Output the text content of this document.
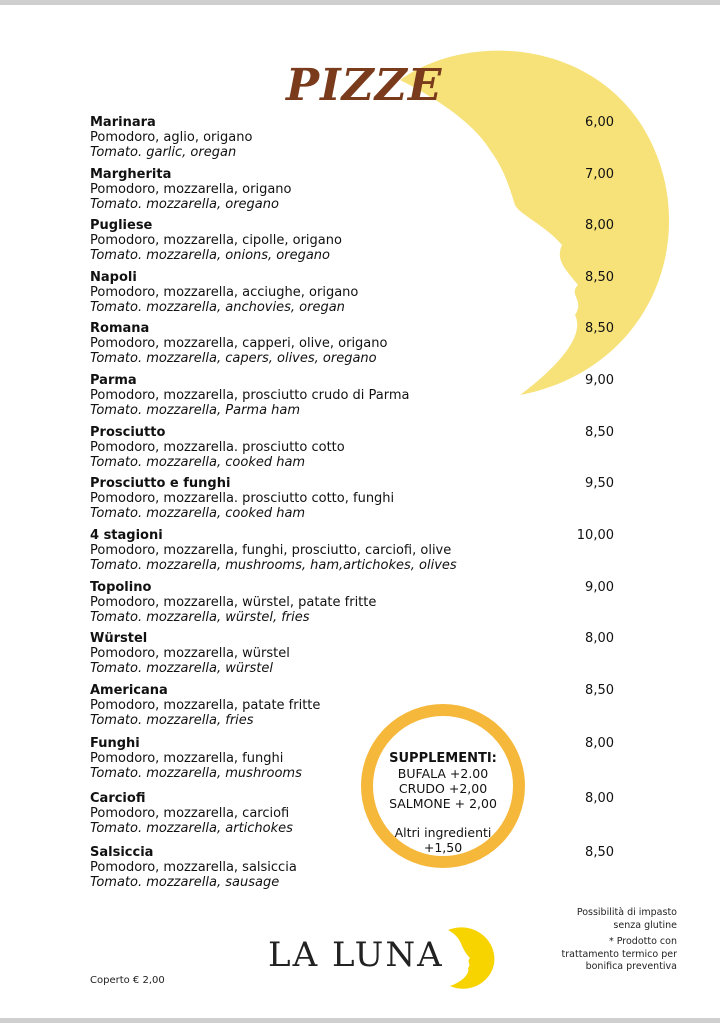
PIZZE
Marinara
Pomodoro, aglio, origano
Tomato. garlic, oregan
6,00
Margherita
Pomodoro, mozzarella, origano
Tomato. mozzarella, oregano
7,00
Pugliese
Pomodoro, mozzarella, cipolle, origano
Tomato. mozzarella, onions, oregano
8,00
Napoli
Pomodoro, mozzarella, acciughe, origano
Tomato. mozzarella, anchovies, oregan
8,50
Romana
Pomodoro, mozzarella, capperi, olive, origano
Tomato. mozzarella, capers, olives, oregano
8,50
Parma
Pomodoro, mozzarella, prosciutto crudo di Parma
Tomato. mozzarella, Parma ham
9,00
Prosciutto
Pomodoro, mozzarella. prosciutto cotto
Tomato. mozzarella, cooked ham
8,50
Prosciutto e funghi
Pomodoro, mozzarella. prosciutto cotto, funghi
Tomato. mozzarella, cooked ham
9,50
4 stagioni
Pomodoro, mozzarella, funghi, prosciutto, carciofi, olive
Tomato. mozzarella, mushrooms, ham,artichokes, olives
10,00
Topolino
Pomodoro, mozzarella, würstel, patate fritte
Tomato. mozzarella, würstel, fries
9,00
Würstel
Pomodoro, mozzarella, würstel
Tomato. mozzarella, würstel
8,00
Americana
Pomodoro, mozzarella, patate fritte
Tomato. mozzarella, fries
8,50
Funghi
Pomodoro, mozzarella, funghi
Tomato. mozzarella, mushrooms
8,00
Carciofi
Pomodoro, mozzarella, carciofi
Tomato. mozzarella, artichokes
8,00
Salsiccia
Pomodoro, mozzarella, salsiccia
Tomato. mozzarella, sausage
8,50
SUPPLEMENTI:
BUFALA +2.00
CRUDO +2,00
SALMONE + 2,00
Altri ingredienti
+1,50
LA LUNA
Possibilità di impasto
senza glutine
* Prodotto con
trattamento termico per
bonifica preventiva
Coperto € 2,00
